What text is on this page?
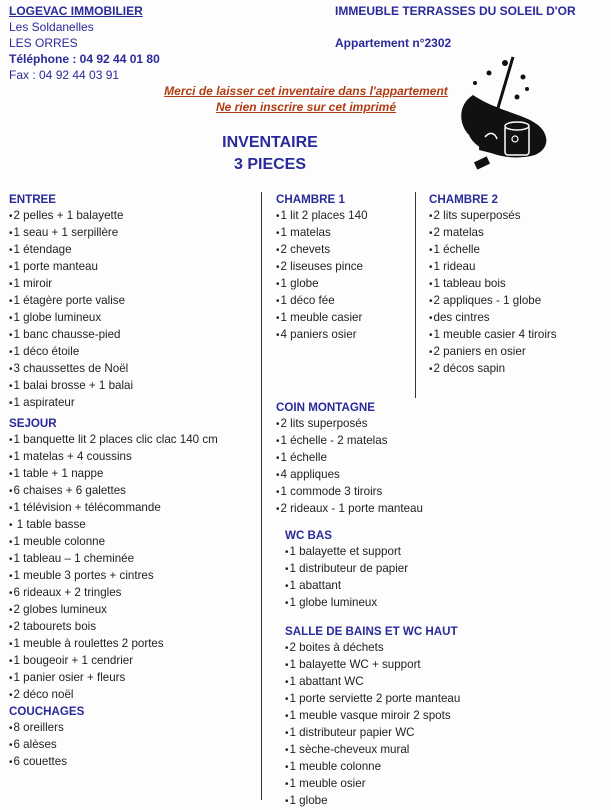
LOGEVAC IMMOBILIER
Les Soldanelles
LES ORRES
Téléphone : 04 92 44 01 80
Fax : 04 92 44 03 91
IMMEUBLE TERRASSES DU SOLEIL D'OR
Appartement n°2302
Merci de laisser cet inventaire dans l'appartement
Ne rien inscrire sur cet imprimé
INVENTAIRE
3 PIECES
ENTREE
• 2 pelles + 1 balayette
• 1 seau + 1 serpillère
• 1 étendage
• 1 porte manteau
• 1 miroir
• 1 étagère porte valise
• 1 globe lumineux
• 1 banc chausse-pied
• 1 déco étoile
• 3 chaussettes de Noël
• 1 balai brosse + 1 balai
• 1 aspirateur
SEJOUR
• 1 banquette lit 2 places clic clac 140 cm
• 1 matelas + 4 coussins
• 1 table + 1 nappe
• 6 chaises + 6 galettes
• 1 télévision + télécommande
• 1 table basse
• 1 meuble colonne
• 1 tableau – 1 cheminée
• 1 meuble 3 portes + cintres
• 6 rideaux + 2 tringles
• 2 globes lumineux
• 2 tabourets bois
• 1 meuble à roulettes 2 portes
• 1 bougeoir + 1 cendrier
• 1 panier osier + fleurs
• 2 déco noël
COUCHAGES
• 8 oreillers
• 6 alèses
• 6 couettes
CHAMBRE 1
• 1 lit 2 places 140
• 1 matelas
• 2 chevets
• 2 liseuses pince
• 1 globe
• 1 déco fée
• 1 meuble casier
• 4 paniers osier
CHAMBRE 2
• 2 lits superposés
• 2 matelas
• 1 échelle
• 1 rideau
• 1 tableau bois
• 2 appliques - 1 globe
• des cintres
• 1 meuble casier 4 tiroirs
• 2 paniers en osier
• 2 décos sapin
COIN MONTAGNE
• 2 lits superposés
• 1 échelle - 2 matelas
• 1 échelle
• 4 appliques
• 1 commode 3 tiroirs
• 2 rideaux - 1 porte manteau
WC BAS
• 1 balayette et support
• 1 distributeur de papier
• 1 abattant
• 1 globe lumineux
SALLE DE BAINS ET WC HAUT
• 2 boites à déchets
• 1 balayette WC + support
• 1 abattant WC
• 1 porte serviette 2 porte manteau
• 1 meuble vasque miroir 2 spots
• 1 distributeur papier WC
• 1 sèche-cheveux mural
• 1 meuble colonne
• 1 meuble osier
• 1 globe
